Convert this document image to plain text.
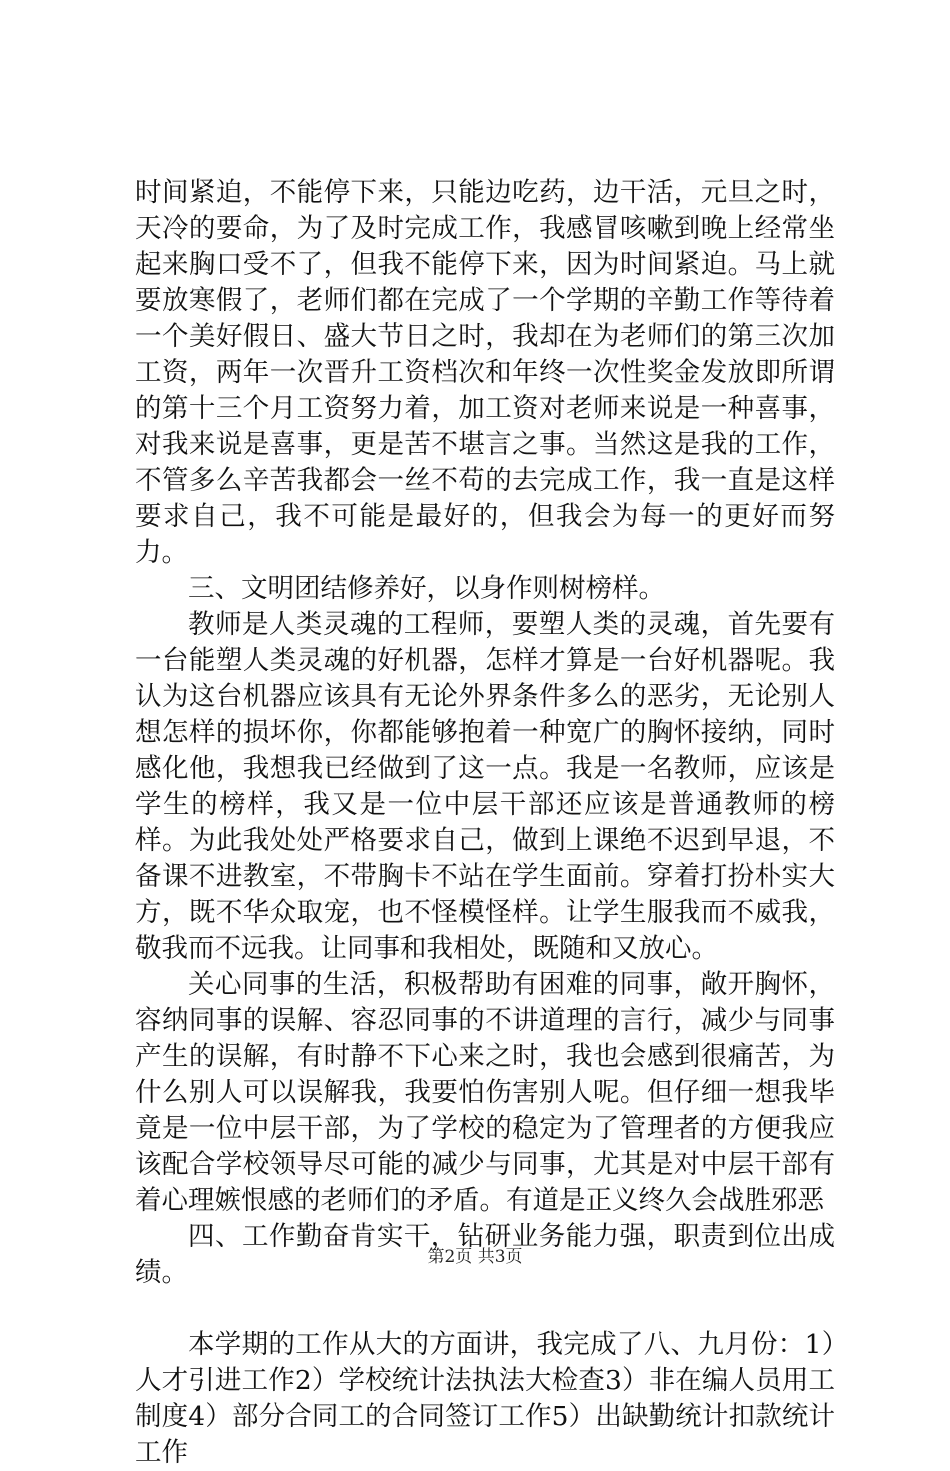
时间紧迫，不能停下来，只能边吃药，边干活，元旦之时，天冷的要命，为了及时完成工作，我感冒咳嗽到晚上经常坐起来胸口受不了，但我不能停下来，因为时间紧迫。马上就要放寒假了，老师们都在完成了一个学期的辛勤工作等待着一个美好假日、盛大节日之时，我却在为老师们的第三次加工资，两年一次晋升工资档次和年终一次性奖金发放即所谓的第十三个月工资努力着，加工资对老师来说是一种喜事，对我来说是喜事，更是苦不堪言之事。当然这是我的工作，不管多么辛苦我都会一丝不苟的去完成工作，我一直是这样要求自己，我不可能是最好的，但我会为每一的更好而努力。

三、文明团结修养好，以身作则树榜样。

教师是人类灵魂的工程师，要塑人类的灵魂，首先要有一台能塑人类灵魂的好机器，怎样才算是一台好机器呢。我认为这台机器应该具有无论外界条件多么的恶劣，无论别人想怎样的损坏你，你都能够抱着一种宽广的胸怀接纳，同时感化他，我想我已经做到了这一点。我是一名教师，应该是学生的榜样，我又是一位中层干部还应该是普通教师的榜样。为此我处处严格要求自己，做到上课绝不迟到早退，不备课不进教室，不带胸卡不站在学生面前。穿着打扮朴实大方，既不华众取宠，也不怪模怪样。让学生服我而不威我，敬我而不远我。让同事和我相处，既随和又放心。

关心同事的生活，积极帮助有困难的同事，敞开胸怀，容纳同事的误解、容忍同事的不讲道理的言行，减少与同事产生的误解，有时静不下心来之时，我也会感到很痛苦，为什么别人可以误解我，我要怕伤害别人呢。但仔细一想我毕竟是一位中层干部，为了学校的稳定为了管理者的方便我应该配合学校领导尽可能的减少与同事，尤其是对中层干部有着心理嫉恨感的老师们的矛盾。有道是正义终久会战胜邪恶

四、工作勤奋肯实干，钻研业务能力强，职责到位出成绩。

本学期的工作从大的方面讲，我完成了八、九月份：1）人才引进工作2）学校统计法执法大检查3）非在编人员用工制度4）部分合同工的合同签订工作5）出缺勤统计扣款统计工作

第2页 共3页
